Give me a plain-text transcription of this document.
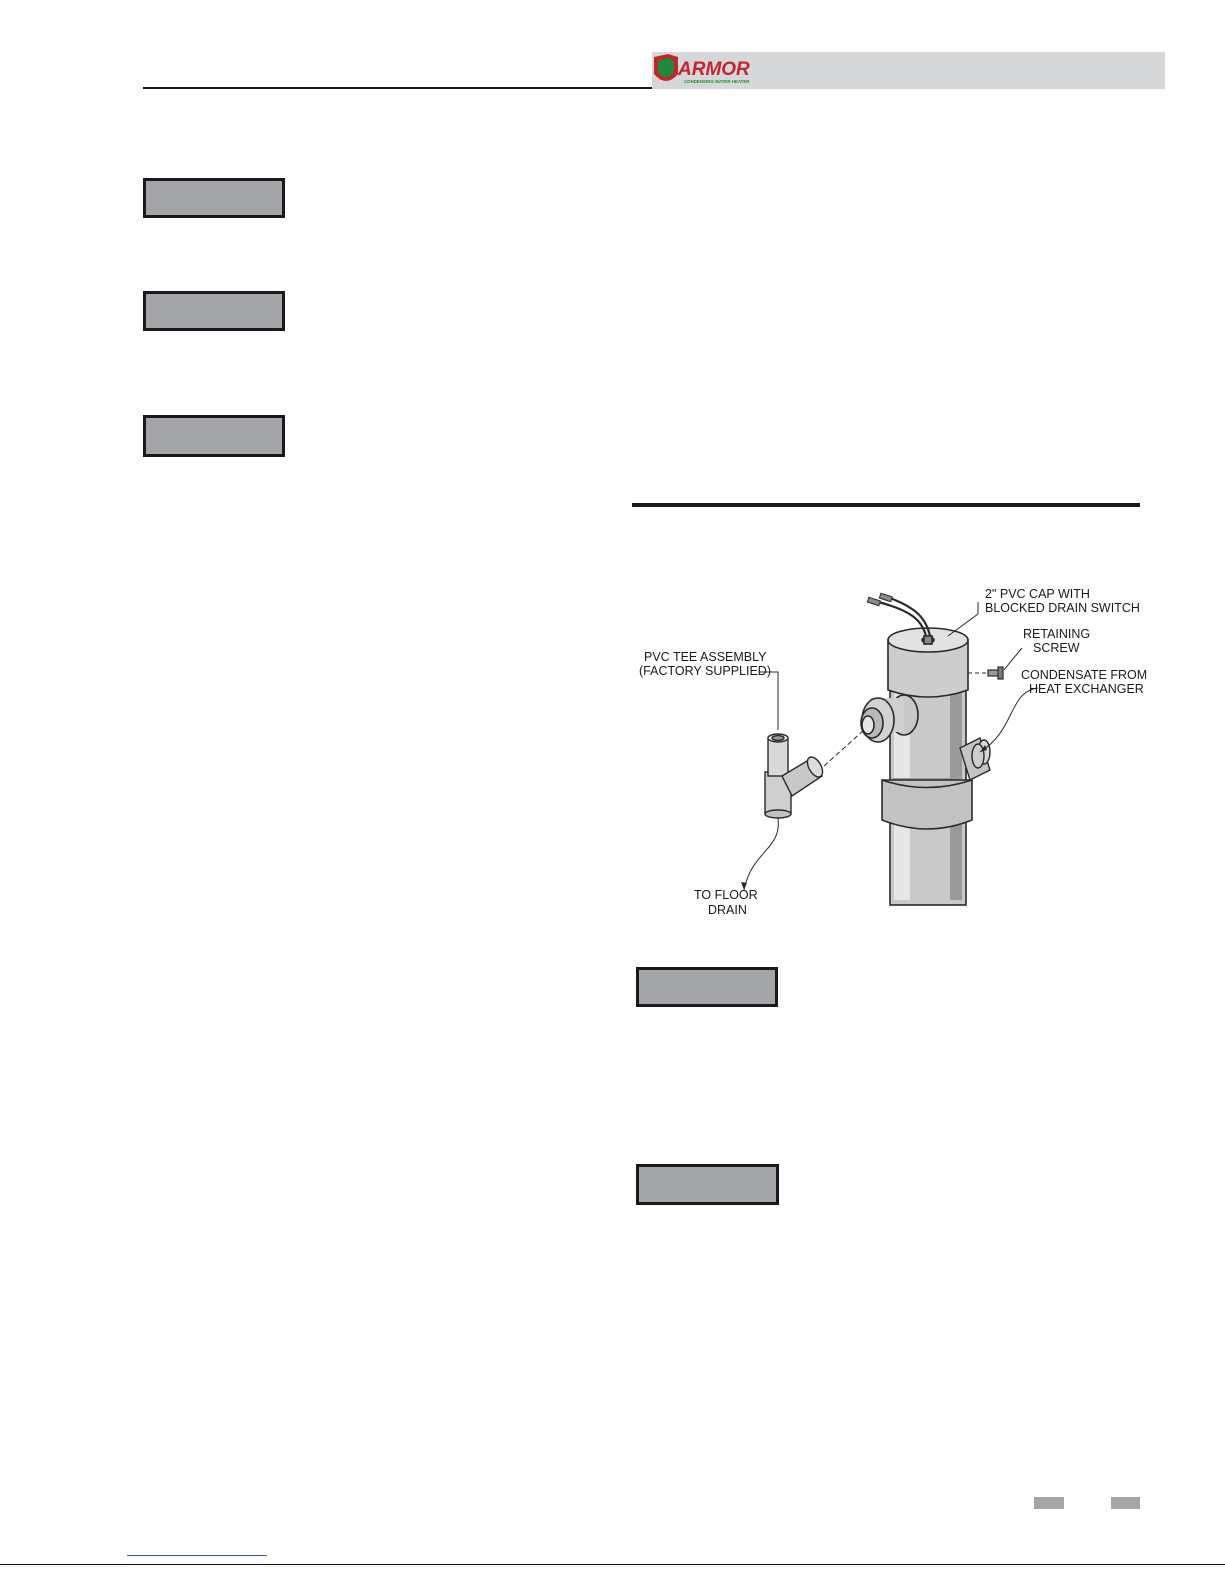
ARMOR
CONDENSING WATER HEATER
2" PVC CAP WITH
BLOCKED DRAIN SWITCH
RETAINING
SCREW
CONDENSATE FROM
HEAT EXCHANGER
PVC TEE ASSEMBLY
(FACTORY SUPPLIED)
TO FLOOR
DRAIN
